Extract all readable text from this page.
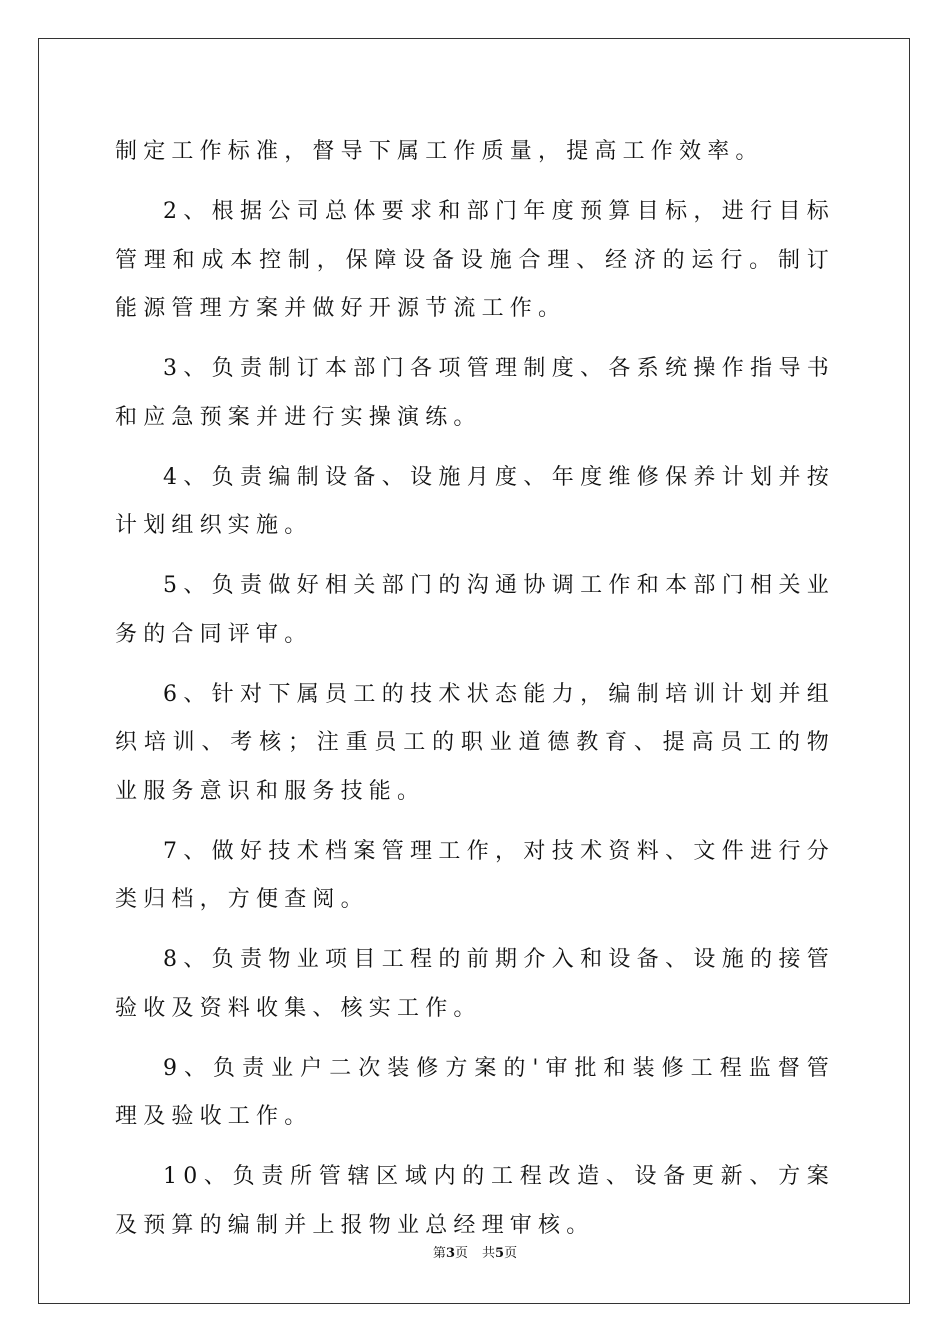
制定工作标准，督导下属工作质量，提高工作效率。

2、根据公司总体要求和部门年度预算目标，进行目标管理和成本控制，保障设备设施合理、经济的运行。制订能源管理方案并做好开源节流工作。

3、负责制订本部门各项管理制度、各系统操作指导书和应急预案并进行实操演练。

4、负责编制设备、设施月度、年度维修保养计划并按计划组织实施。

5、负责做好相关部门的沟通协调工作和本部门相关业务的合同评审。

6、针对下属员工的技术状态能力，编制培训计划并组织培训、考核；注重员工的职业道德教育、提高员工的物业服务意识和服务技能。

7、做好技术档案管理工作，对技术资料、文件进行分类归档，方便查阅。

8、负责物业项目工程的前期介入和设备、设施的接管验收及资料收集、核实工作。

9、负责业户二次装修方案的'审批和装修工程监督管理及验收工作。

10、负责所管辖区域内的工程改造、设备更新、方案及预算的编制并上报物业总经理审核。

第3页 共5页
